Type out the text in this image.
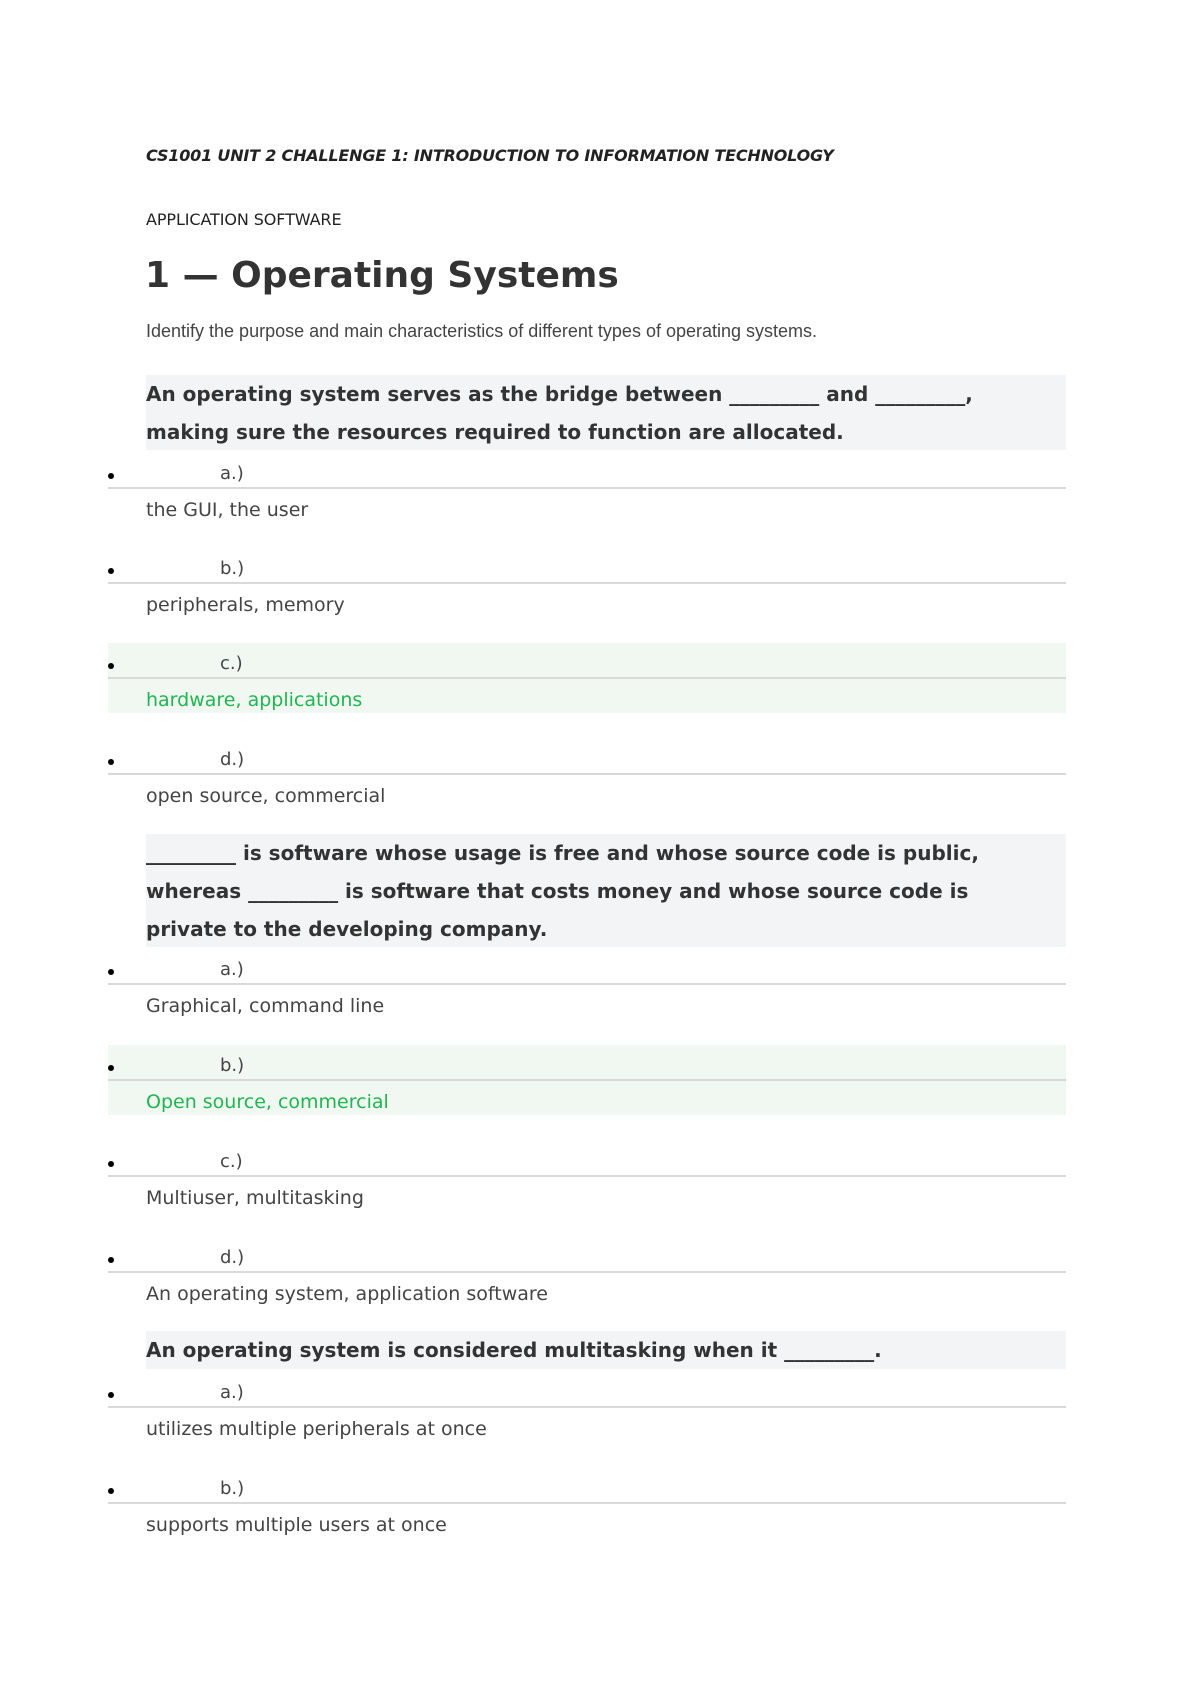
CS1001 UNIT 2 CHALLENGE 1: INTRODUCTION TO INFORMATION TECHNOLOGY
APPLICATION SOFTWARE
1 — Operating Systems
Identify the purpose and main characteristics of different types of operating systems.
An operating system serves as the bridge between _________ and _________,
making sure the resources required to function are allocated.
a.)
the GUI, the user
b.)
peripherals, memory
c.)
hardware, applications
d.)
open source, commercial
_________ is software whose usage is free and whose source code is public,
whereas _________ is software that costs money and whose source code is
private to the developing company.
a.)
Graphical, command line
b.)
Open source, commercial
c.)
Multiuser, multitasking
d.)
An operating system, application software
An operating system is considered multitasking when it _________.
a.)
utilizes multiple peripherals at once
b.)
supports multiple users at once
